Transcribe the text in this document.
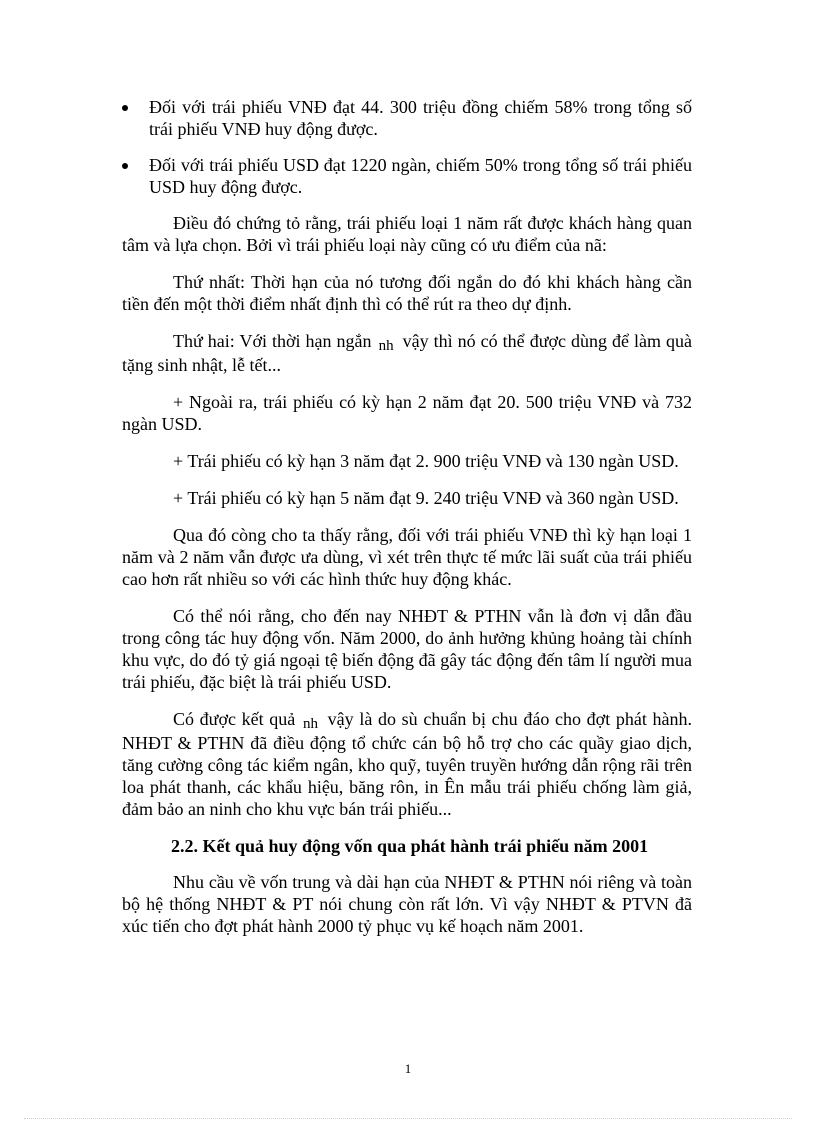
Đối với trái phiếu VNĐ đạt 44. 300 triệu đồng chiếm 58% trong tổng số trái phiếu VNĐ huy động được.
Đối với trái phiếu USD đạt 1220 ngàn, chiếm 50% trong tổng số trái phiếu USD huy động được.

Điều đó chứng tỏ rằng, trái phiếu loại 1 năm rất được khách hàng quan tâm và lựa chọn. Bởi vì trái phiếu loại này cũng có ưu điểm của nã:

Thứ nhất: Thời hạn của nó tương đối ngắn do đó khi khách hàng cần tiền đến một thời điểm nhất định thì có thể rút ra theo dự định.

Thứ hai: Với thời hạn ngắn nh vậy thì nó có thể được dùng để làm quà tặng sinh nhật, lễ tết...

+ Ngoài ra, trái phiếu có kỳ hạn 2 năm đạt 20. 500 triệu VNĐ và 732 ngàn USD.

+ Trái phiếu có kỳ hạn 3 năm đạt 2. 900 triệu VNĐ và 130 ngàn USD.

+ Trái phiếu có kỳ hạn 5 năm đạt 9. 240 triệu VNĐ và 360 ngàn USD.

Qua đó còng cho ta thấy rằng, đối với trái phiếu VNĐ thì kỳ hạn loại 1 năm và 2 năm vẫn được ưa dùng, vì xét trên thực tế mức lãi suất của trái phiếu cao hơn rất nhiều so với các hình thức huy động khác.

Có thể nói rằng, cho đến nay NHĐT & PTHN vẫn là đơn vị dẫn đầu trong công tác huy động vốn. Năm 2000, do ảnh hưởng khủng hoảng tài chính khu vực, do đó tỷ giá ngoại tệ biến động đã gây tác động đến tâm lí người mua trái phiếu, đặc biệt là trái phiếu USD.

Có được kết quả nh vậy là do sù chuẩn bị chu đáo cho đợt phát hành. NHĐT & PTHN đã điều động tổ chức cán bộ hỗ trợ cho các quầy giao dịch, tăng cường công tác kiểm ngân, kho quỹ, tuyên truyền hướng dẫn rộng rãi trên loa phát thanh, các khẩu hiệu, băng rôn, in Ên mẫu trái phiếu chống làm giả, đảm bảo an ninh cho khu vực bán trái phiếu...

2.2. Kết quả huy động vốn qua phát hành trái phiếu năm 2001

Nhu cầu về vốn trung và dài hạn của NHĐT & PTHN nói riêng và toàn bộ hệ thống NHĐT & PT nói chung còn rất lớn. Vì vậy NHĐT & PTVN đã xúc tiến cho đợt phát hành 2000 tỷ phục vụ kế hoạch năm 2001.

1
